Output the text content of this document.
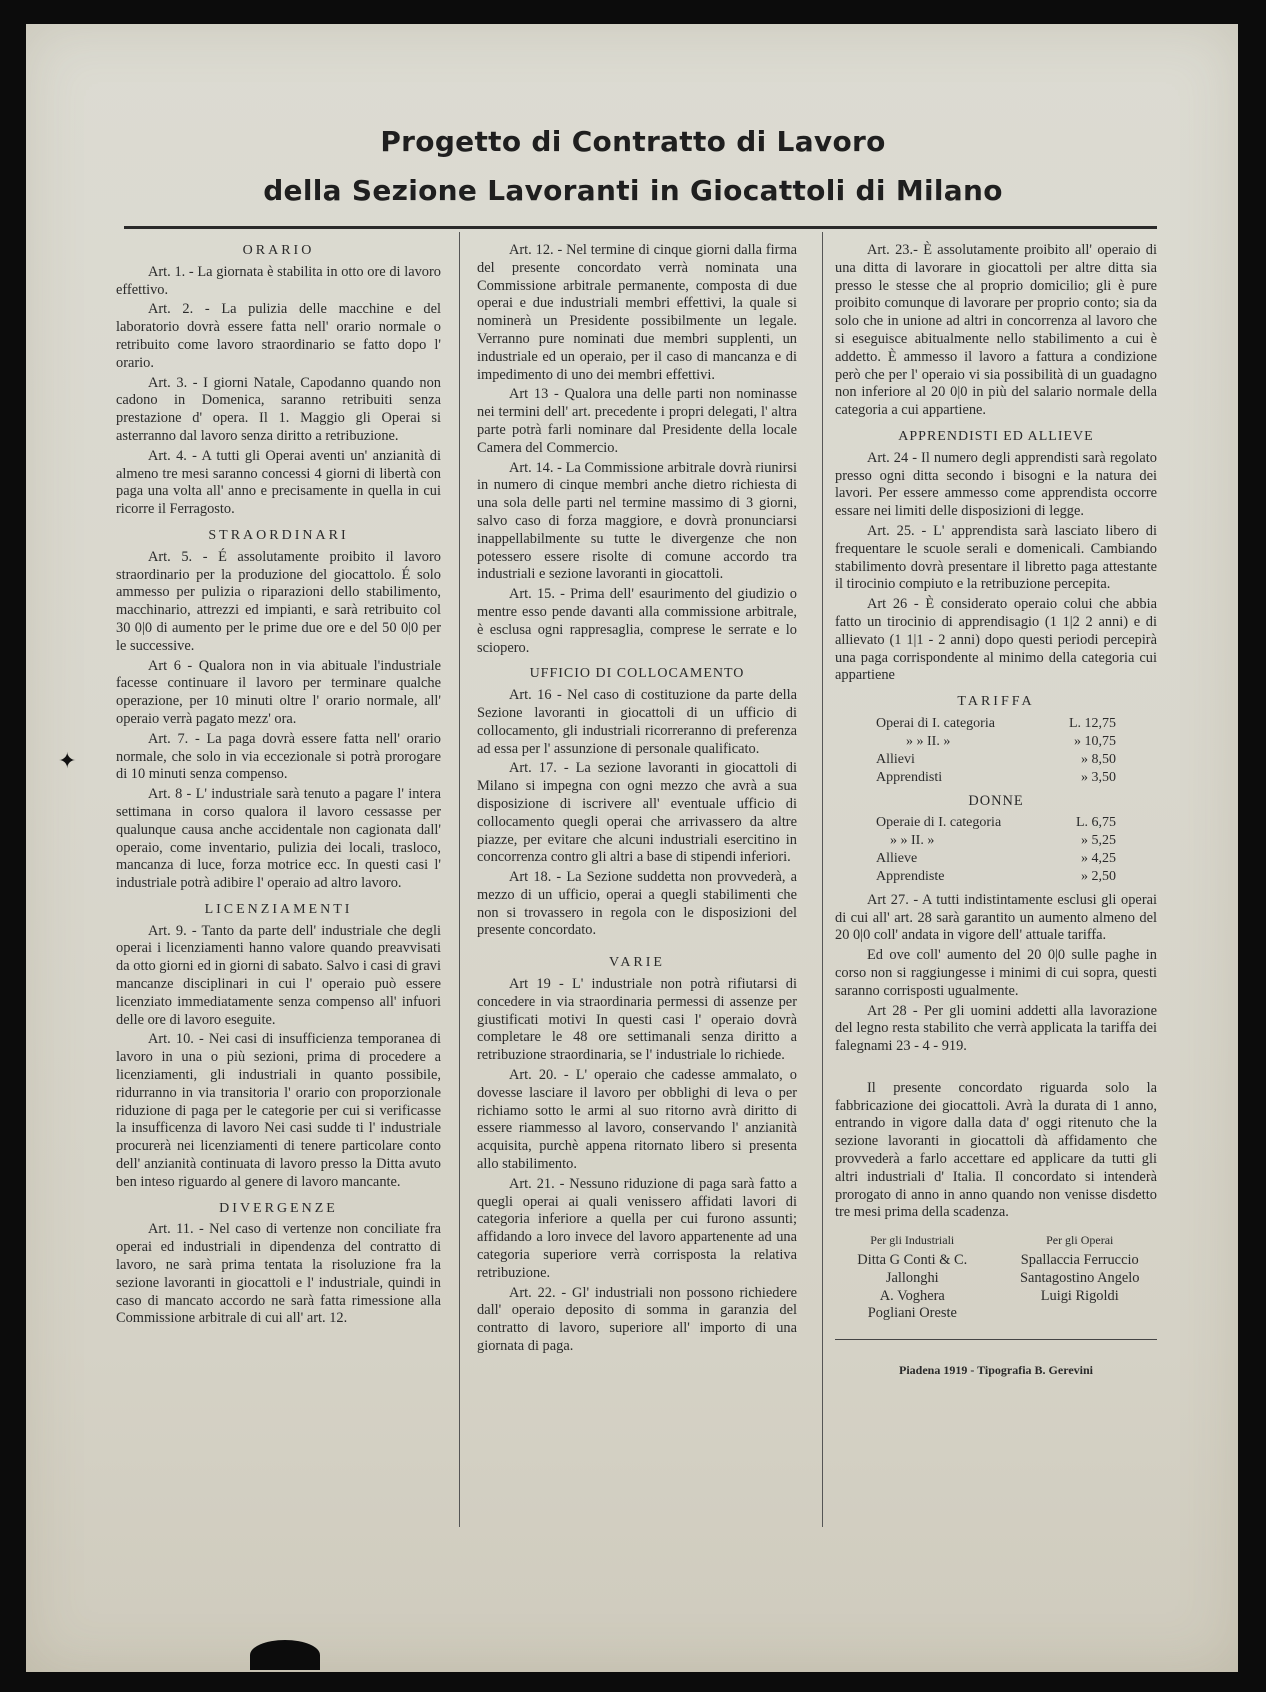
Progetto di Contratto di Lavoro
della Sezione Lavoranti in Giocattoli di Milano
✦
ORARIO

Art. 1. - La giornata è stabilita in otto ore di lavoro effettivo.

Art. 2. - La pulizia delle macchine e del laboratorio dovrà essere fatta nell' orario normale o retribuito come lavoro straordinario se fatto dopo l' orario.

Art. 3. - I giorni Natale, Capodanno quando non cadono in Domenica, saranno retribuiti senza prestazione d' opera. Il 1. Maggio gli Operai si asterranno dal lavoro senza diritto a retribuzione.

Art. 4. - A tutti gli Operai aventi un' anzianità di almeno tre mesi saranno concessi 4 giorni di libertà con paga una volta all' anno e precisamente in quella in cui ricorre il Ferragosto.

STRAORDINARI

Art. 5. - É assolutamente proibito il lavoro straordinario per la produzione del giocattolo. É solo ammesso per pulizia o riparazioni dello stabilimento, macchinario, attrezzi ed impianti, e sarà retribuito col 30 0|0 di aumento per le prime due ore e del 50 0|0 per le successive.

Art 6 - Qualora non in via abituale l'industriale facesse continuare il lavoro per terminare qualche operazione, per 10 minuti oltre l' orario normale, all' operaio verrà pagato mezz' ora.

Art. 7. - La paga dovrà essere fatta nell' orario normale, che solo in via eccezionale si potrà prorogare di 10 minuti senza compenso.

Art. 8 - L' industriale sarà tenuto a pagare l' intera settimana in corso qualora il lavoro cessasse per qualunque causa anche accidentale non cagionata dall' operaio, come inventario, pulizia dei locali, trasloco, mancanza di luce, forza motrice ecc. In questi casi l' industriale potrà adibire l' operaio ad altro lavoro.

LICENZIAMENTI

Art. 9. - Tanto da parte dell' industriale che degli operai i licenziamenti hanno valore quando preavvisati da otto giorni ed in giorni di sabato. Salvo i casi di gravi mancanze disciplinari in cui l' operaio può essere licenziato immediatamente senza compenso all' infuori delle ore di lavoro eseguite.

Art. 10. - Nei casi di insufficienza temporanea di lavoro in una o più sezioni, prima di procedere a licenziamenti, gli industriali in quanto possibile, ridurranno in via transitoria l' orario con proporzionale riduzione di paga per le categorie per cui si verificasse la insufficenza di lavoro Nei casi sudde ti l' industriale procurerà nei licenziamenti di tenere particolare conto dell' anzianità continuata di lavoro presso la Ditta avuto ben inteso riguardo al genere di lavoro mancante.

DIVERGENZE

Art. 11. - Nel caso di vertenze non conciliate fra operai ed industriali in dipendenza del contratto di lavoro, ne sarà prima tentata la risoluzione fra la sezione lavoranti in giocattoli e l' industriale, quindi in caso di mancato accordo ne sarà fatta rimessione alla Commissione arbitrale di cui all' art. 12.

Art. 12. - Nel termine di cinque giorni dalla firma del presente concordato verrà nominata una Commissione arbitrale permanente, composta di due operai e due industriali membri effettivi, la quale si nominerà un Presidente possibilmente un legale. Verranno pure nominati due membri supplenti, un industriale ed un operaio, per il caso di mancanza e di impedimento di uno dei membri effettivi.

Art 13 - Qualora una delle parti non nominasse nei termini dell' art. precedente i propri delegati, l' altra parte potrà farli nominare dal Presidente della locale Camera del Commercio.

Art. 14. - La Commissione arbitrale dovrà riunirsi in numero di cinque membri anche dietro richiesta di una sola delle parti nel termine massimo di 3 giorni, salvo caso di forza maggiore, e dovrà pronunciarsi inappellabilmente su tutte le divergenze che non potessero essere risolte di comune accordo tra industriali e sezione lavoranti in giocattoli.

Art. 15. - Prima dell' esaurimento del giudizio o mentre esso pende davanti alla commissione arbitrale, è esclusa ogni rappresaglia, comprese le serrate e lo sciopero.

UFFICIO DI COLLOCAMENTO

Art. 16 - Nel caso di costituzione da parte della Sezione lavoranti in giocattoli di un ufficio di collocamento, gli industriali ricorreranno di preferenza ad essa per l' assunzione di personale qualificato.

Art. 17. - La sezione lavoranti in giocattoli di Milano si impegna con ogni mezzo che avrà a sua disposizione di iscrivere all' eventuale ufficio di collocamento quegli operai che arrivassero da altre piazze, per evitare che alcuni industriali esercitino in concorrenza contro gli altri a base di stipendi inferiori.

Art 18. - La Sezione suddetta non provvederà, a mezzo di un ufficio, operai a quegli stabilimenti che non si trovassero in regola con le disposizioni del presente concordato.

VARIE

Art 19 - L' industriale non potrà rifiutarsi di concedere in via straordinaria permessi di assenze per giustificati motivi In questi casi l' operaio dovrà completare le 48 ore settimanali senza diritto a retribuzione straordinaria, se l' industriale lo richiede.

Art. 20. - L' operaio che cadesse ammalato, o dovesse lasciare il lavoro per obblighi di leva o per richiamo sotto le armi al suo ritorno avrà diritto di essere riammesso al lavoro, conservando l' anzianità acquisita, purchè appena ritornato libero si presenta allo stabilimento.

Art. 21. - Nessuno riduzione di paga sarà fatto a quegli operai ai quali venissero affidati lavori di categoria inferiore a quella per cui furono assunti; affidando a loro invece del lavoro appartenente ad una categoria superiore verrà corrisposta la relativa retribuzione.

Art. 22. - Gl' industriali non possono richiedere dall' operaio deposito di somma in garanzia del contratto di lavoro, superiore all' importo di una giornata di paga.

Art. 23.- È assolutamente proibito all' operaio di una ditta di lavorare in giocattoli per altre ditta sia presso le stesse che al proprio domicilio; gli è pure proibito comunque di lavorare per proprio conto; sia da solo che in unione ad altri in concorrenza al lavoro che si eseguisce abitualmente nello stabilimento a cui è addetto. È ammesso il lavoro a fattura a condizione però che per l' operaio vi sia possibilità di un guadagno non inferiore al 20 0|0 in più del salario normale della categoria a cui appartiene.

APPRENDISTI ED ALLIEVE

Art. 24 - Il numero degli apprendisti sarà regolato presso ogni ditta secondo i bisogni e la natura dei lavori. Per essere ammesso come apprendista occorre essare nei limiti delle disposizioni di legge.

Art. 25. - L' apprendista sarà lasciato libero di frequentare le scuole serali e domenicali. Cambiando stabilimento dovrà presentare il libretto paga attestante il tirocinio compiuto e la retribuzione percepita.

Art 26 - È considerato operaio colui che abbia fatto un tirocinio di apprendisagio (1 1|2 2 anni) e di allievato (1 1|1 - 2 anni) dopo questi periodi percepirà una paga corrispondente al minimo della categoria cui appartiene

TARIFFA
Operai di I. categoria	L. 12,75
» » II. »	» 10,75
Allievi	» 8,50
Apprendisti	» 3,50
DONNE
Operaie di I. categoria	L. 6,75
» » II. »	» 5,25
Allieve	» 4,25
Apprendiste	» 2,50

Art 27. - A tutti indistintamente esclusi gli operai di cui all' art. 28 sarà garantito un aumento almeno del 20 0|0 coll' andata in vigore dell' attuale tariffa.

Ed ove coll' aumento del 20 0|0 sulle paghe in corso non si raggiungesse i minimi di cui sopra, questi saranno corrisposti ugualmente.

Art 28 - Per gli uomini addetti alla lavorazione del legno resta stabilito che verrà applicata la tariffa dei falegnami 23 - 4 - 919.

Il presente concordato riguarda solo la fabbricazione dei giocattoli. Avrà la durata di 1 anno, entrando in vigore dalla data d' oggi ritenuto che la sezione lavoranti in giocattoli dà affidamento che provvederà a farlo accettare ed applicare da tutti gli altri industriali d' Italia. Il concordato si intenderà prorogato di anno in anno quando non venisse disdetto tre mesi prima della scadenza.

Per gli Industriali
Ditta G Conti & C.
Jallonghi
A. Voghera
Pogliani Oreste
Per gli Operai
Spallaccia Ferruccio
Santagostino Angelo
Luigi Rigoldi
Piadena 1919 - Tipografia B. Gerevini
